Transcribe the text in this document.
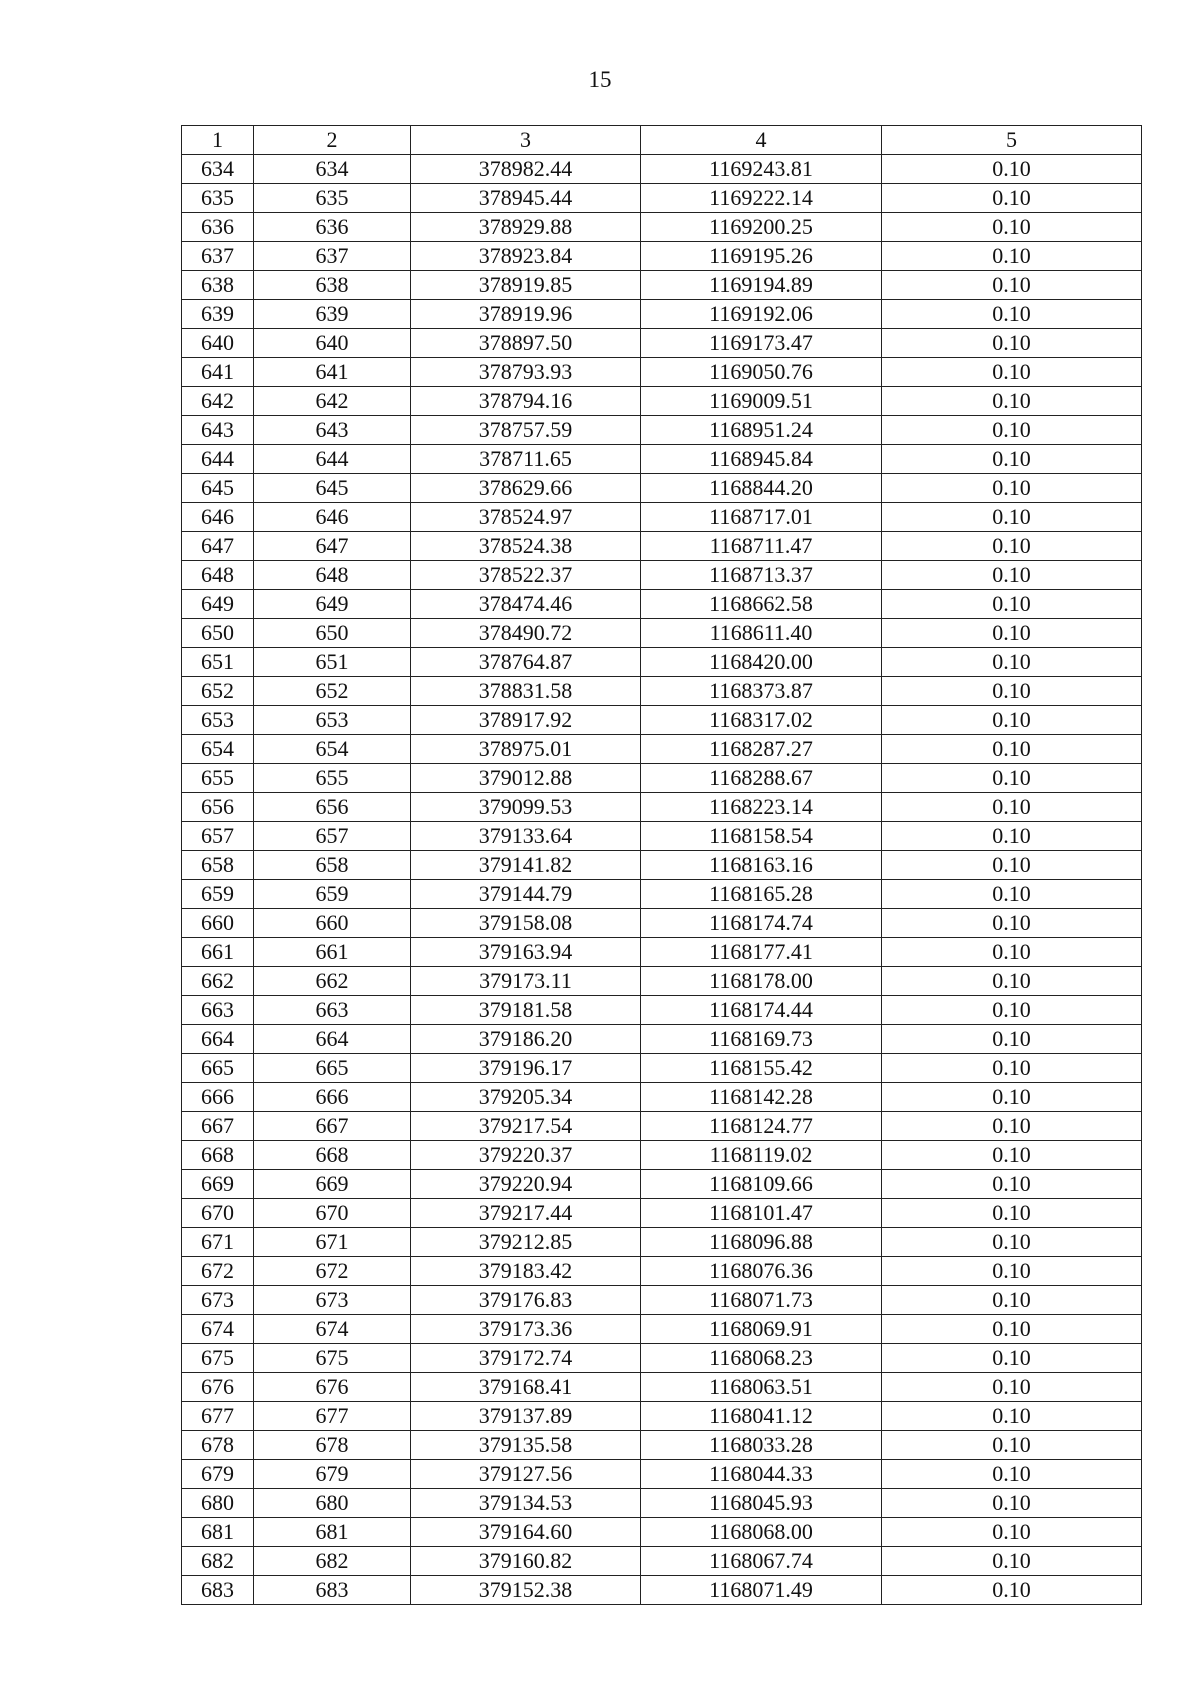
15
1	2	3	4	5
634	634	378982.44	1169243.81	0.10
635	635	378945.44	1169222.14	0.10
636	636	378929.88	1169200.25	0.10
637	637	378923.84	1169195.26	0.10
638	638	378919.85	1169194.89	0.10
639	639	378919.96	1169192.06	0.10
640	640	378897.50	1169173.47	0.10
641	641	378793.93	1169050.76	0.10
642	642	378794.16	1169009.51	0.10
643	643	378757.59	1168951.24	0.10
644	644	378711.65	1168945.84	0.10
645	645	378629.66	1168844.20	0.10
646	646	378524.97	1168717.01	0.10
647	647	378524.38	1168711.47	0.10
648	648	378522.37	1168713.37	0.10
649	649	378474.46	1168662.58	0.10
650	650	378490.72	1168611.40	0.10
651	651	378764.87	1168420.00	0.10
652	652	378831.58	1168373.87	0.10
653	653	378917.92	1168317.02	0.10
654	654	378975.01	1168287.27	0.10
655	655	379012.88	1168288.67	0.10
656	656	379099.53	1168223.14	0.10
657	657	379133.64	1168158.54	0.10
658	658	379141.82	1168163.16	0.10
659	659	379144.79	1168165.28	0.10
660	660	379158.08	1168174.74	0.10
661	661	379163.94	1168177.41	0.10
662	662	379173.11	1168178.00	0.10
663	663	379181.58	1168174.44	0.10
664	664	379186.20	1168169.73	0.10
665	665	379196.17	1168155.42	0.10
666	666	379205.34	1168142.28	0.10
667	667	379217.54	1168124.77	0.10
668	668	379220.37	1168119.02	0.10
669	669	379220.94	1168109.66	0.10
670	670	379217.44	1168101.47	0.10
671	671	379212.85	1168096.88	0.10
672	672	379183.42	1168076.36	0.10
673	673	379176.83	1168071.73	0.10
674	674	379173.36	1168069.91	0.10
675	675	379172.74	1168068.23	0.10
676	676	379168.41	1168063.51	0.10
677	677	379137.89	1168041.12	0.10
678	678	379135.58	1168033.28	0.10
679	679	379127.56	1168044.33	0.10
680	680	379134.53	1168045.93	0.10
681	681	379164.60	1168068.00	0.10
682	682	379160.82	1168067.74	0.10
683	683	379152.38	1168071.49	0.10
